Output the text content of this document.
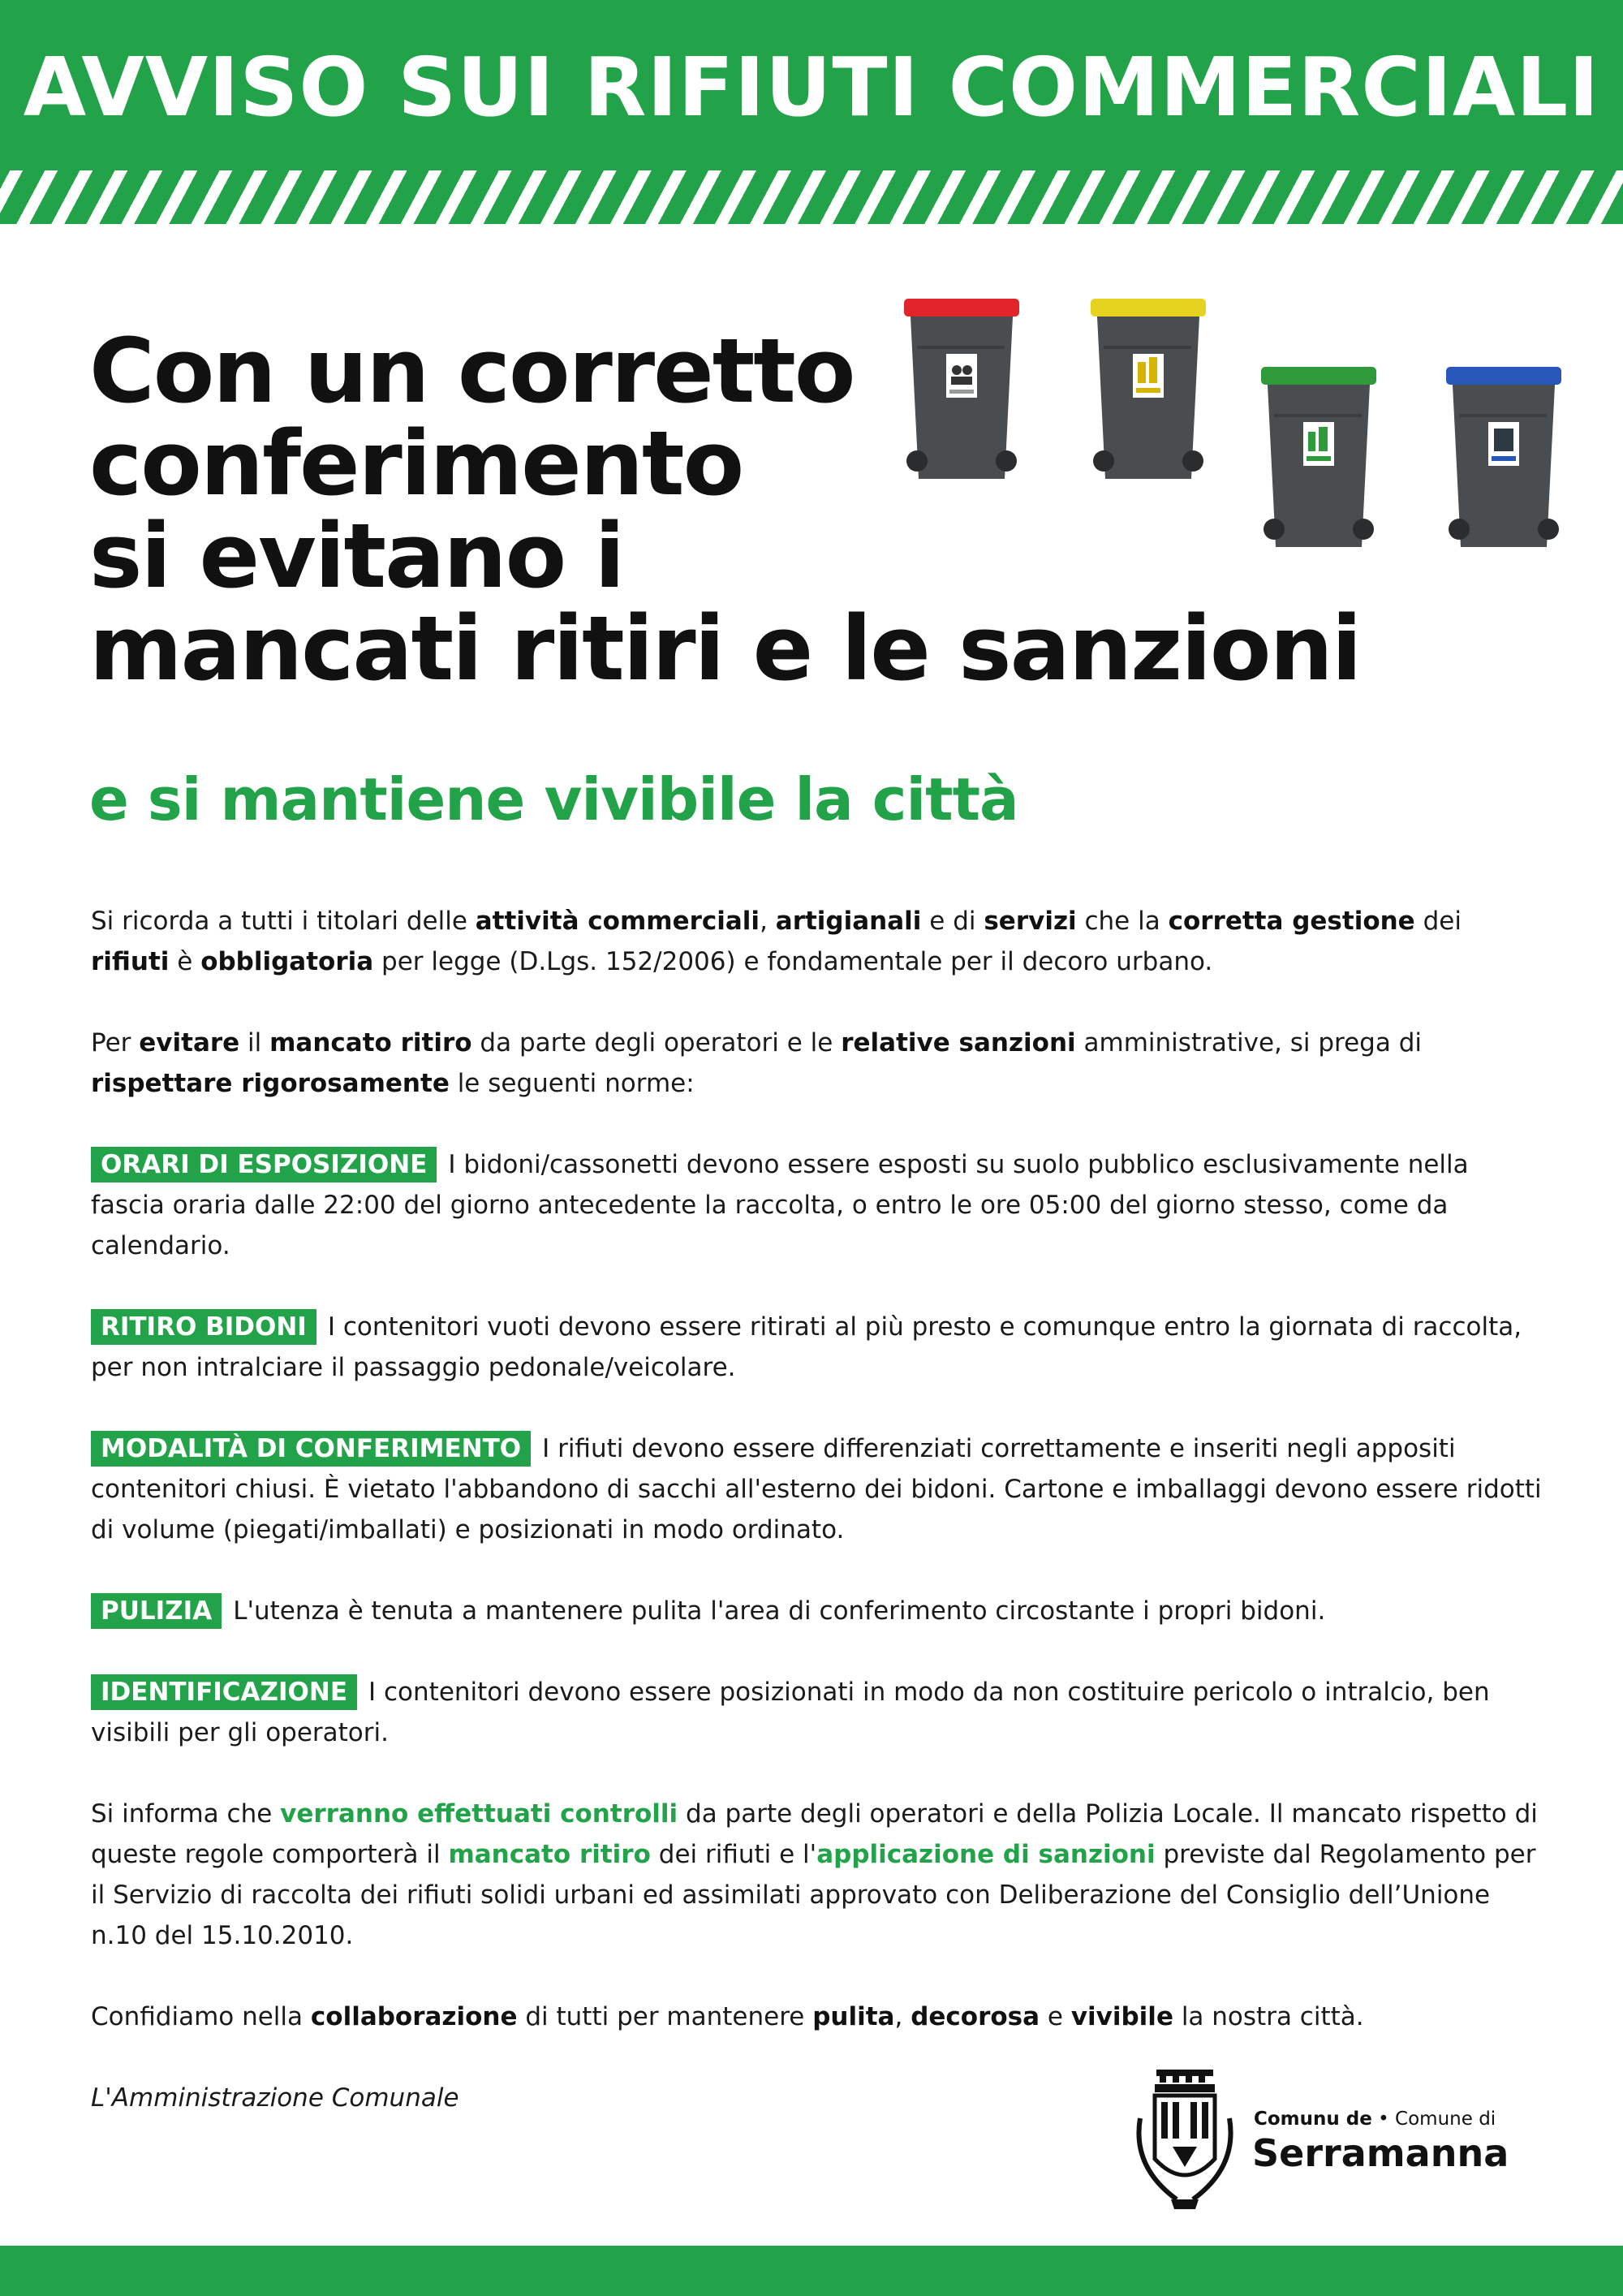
AVVISO SUI RIFIUTI COMMERCIALI
Con un corretto
conferimento
si evitano i
mancati ritiri e le sanzioni
e si mantiene vivibile la città

Si ricorda a tutti i titolari delle attività commerciali, artigianali e di servizi che la corretta gestione dei rifiuti è obbligatoria per legge (D.Lgs. 152/2006) e fondamentale per il decoro urbano.

Per evitare il mancato ritiro da parte degli operatori e le relative sanzioni amministrative, si prega di rispettare rigorosamente le seguenti norme:

ORARI DI ESPOSIZIONE I bidoni/cassonetti devono essere esposti su suolo pubblico esclusivamente nella fascia oraria dalle 22:00 del giorno antecedente la raccolta, o entro le ore 05:00 del giorno stesso, come da calendario.

RITIRO BIDONI I contenitori vuoti devono essere ritirati al più presto e comunque entro la giornata di raccolta, per non intralciare il passaggio pedonale/veicolare.

MODALITÀ DI CONFERIMENTO I rifiuti devono essere differenziati correttamente e inseriti negli appositi contenitori chiusi. È vietato l'abbandono di sacchi all'esterno dei bidoni. Cartone e imballaggi devono essere ridotti di volume (piegati/imballati) e posizionati in modo ordinato.

PULIZIA L'utenza è tenuta a mantenere pulita l'area di conferimento circostante i propri bidoni.

IDENTIFICAZIONE I contenitori devono essere posizionati in modo da non costituire pericolo o intralcio, ben visibili per gli operatori.

Si informa che verranno effettuati controlli da parte degli operatori e della Polizia Locale. Il mancato rispetto di queste regole comporterà il mancato ritiro dei rifiuti e l'applicazione di sanzioni previste dal Regolamento per il Servizio di raccolta dei rifiuti solidi urbani ed assimilati approvato con Deliberazione del Consiglio dell’Unione n.10 del 15.10.2010.

Confidiamo nella collaborazione di tutti per mantenere pulita, decorosa e vivibile la nostra città.

L'Amministrazione Comunale

Comunu de • Comune di
Serramanna
